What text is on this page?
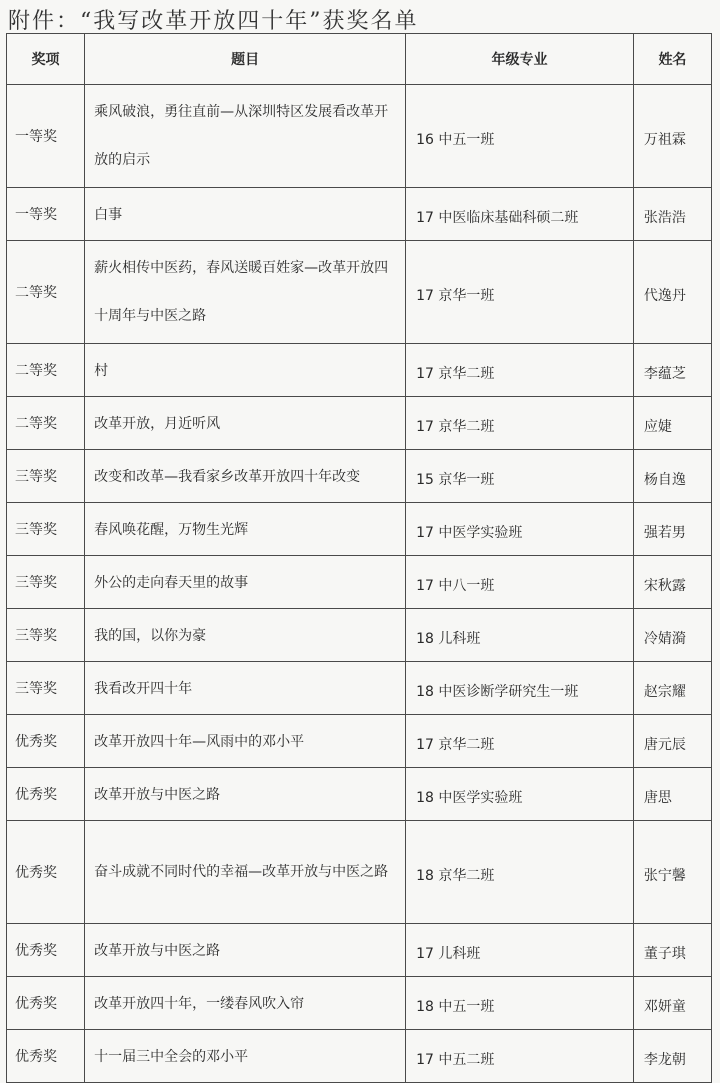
附件：“我写改革开放四十年”获奖名单
奖项	题目	年级专业	姓名
一等奖	乘风破浪，勇往直前—从深圳特区发展看改革开放的启示	16 中五一班	万祖霖
一等奖	白事	17 中医临床基础科硕二班	张浩浩
二等奖	薪火相传中医药，春风送暖百姓家—改革开放四十周年与中医之路	17 京华一班	代逸丹
二等奖	村	17 京华二班	李蕴芝
二等奖	改革开放，月近听风	17 京华二班	应婕
三等奖	改变和改革—我看家乡改革开放四十年改变	15 京华一班	杨自逸
三等奖	春风唤花醒，万物生光辉	17 中医学实验班	强若男
三等奖	外公的走向春天里的故事	17 中八一班	宋秋露
三等奖	我的国，以你为豪	18 儿科班	冷婧漪
三等奖	我看改开四十年	18 中医诊断学研究生一班	赵宗耀
优秀奖	改革开放四十年—风雨中的邓小平	17 京华二班	唐元辰
优秀奖	改革开放与中医之路	18 中医学实验班	唐思
优秀奖	奋斗成就不同时代的幸福—改革开放与中医之路	18 京华二班	张宁馨
优秀奖	改革开放与中医之路	17 儿科班	董子琪
优秀奖	改革开放四十年，一缕春风吹入帘	18 中五一班	邓妍童
优秀奖	十一届三中全会的邓小平	17 中五二班	李龙朝
